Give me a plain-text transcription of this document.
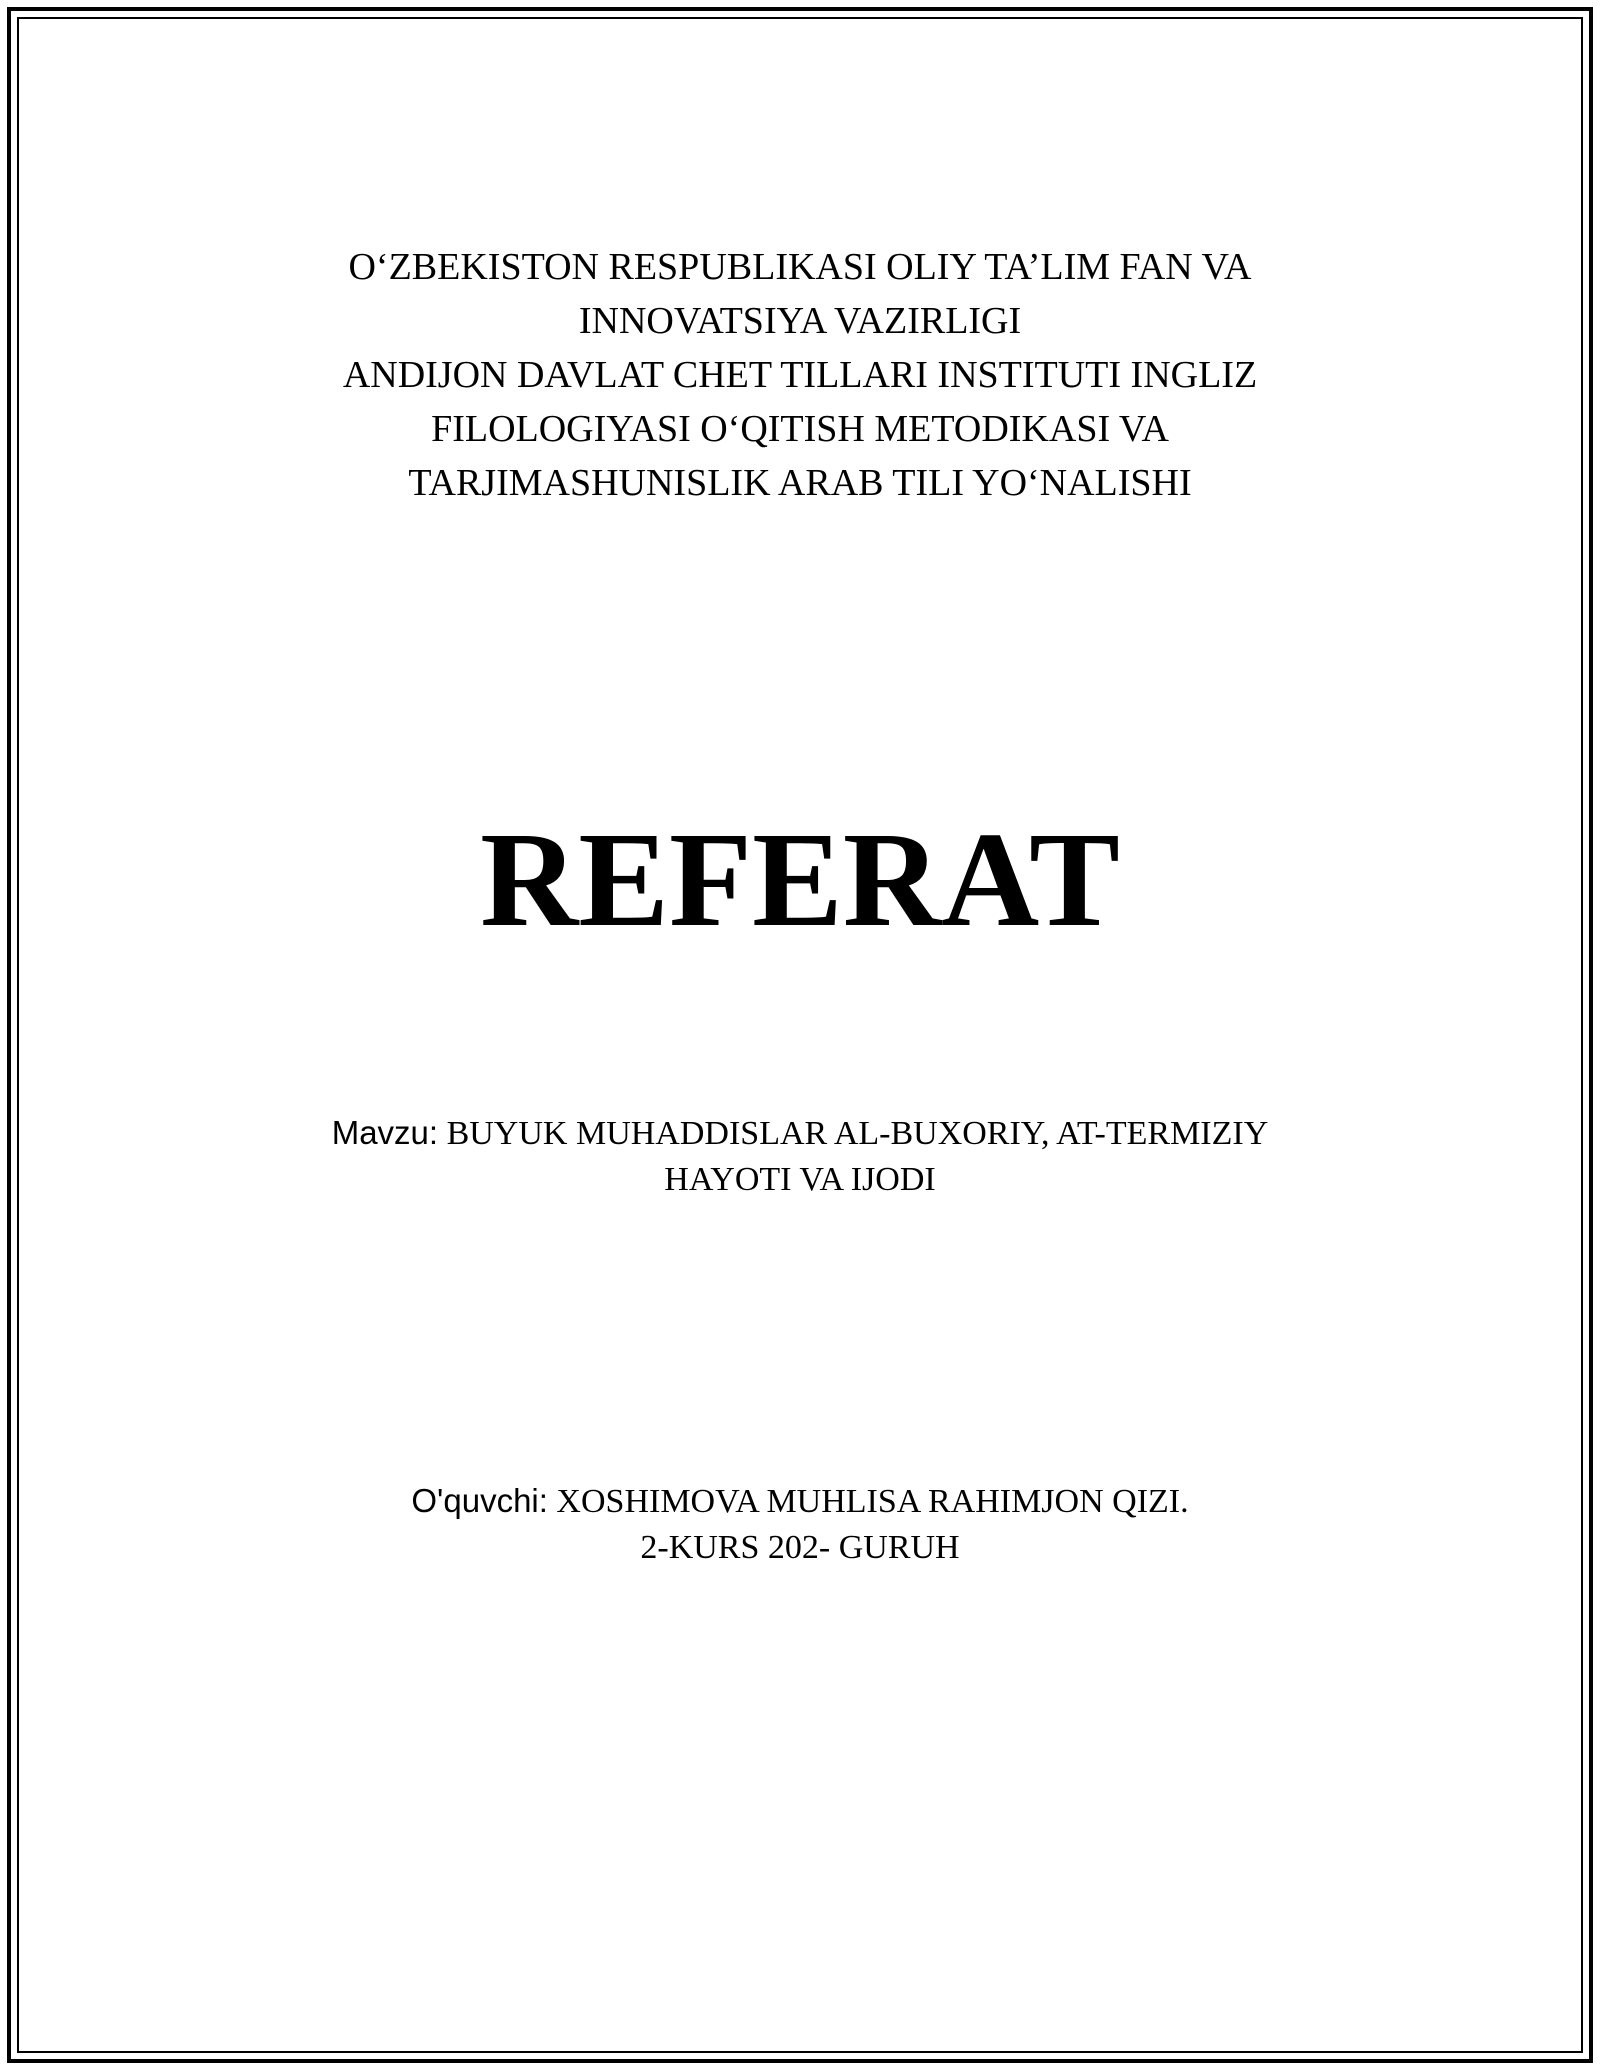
O‘ZBEKISTON RESPUBLIKASI OLIY TA’LIM FAN VA
INNOVATSIYA VAZIRLIGI
ANDIJON DAVLAT CHET TILLARI INSTITUTI INGLIZ
FILOLOGIYASI O‘QITISH METODIKASI VA
TARJIMASHUNISLIK ARAB TILI YO‘NALISHI
REFERAT
Mavzu: BUYUK MUHADDISLAR AL-BUXORIY, AT-TERMIZIY
HAYOTI VA IJODI
O'quvchi: XOSHIMOVA MUHLISA RAHIMJON QIZI.
2-KURS 202- GURUH
